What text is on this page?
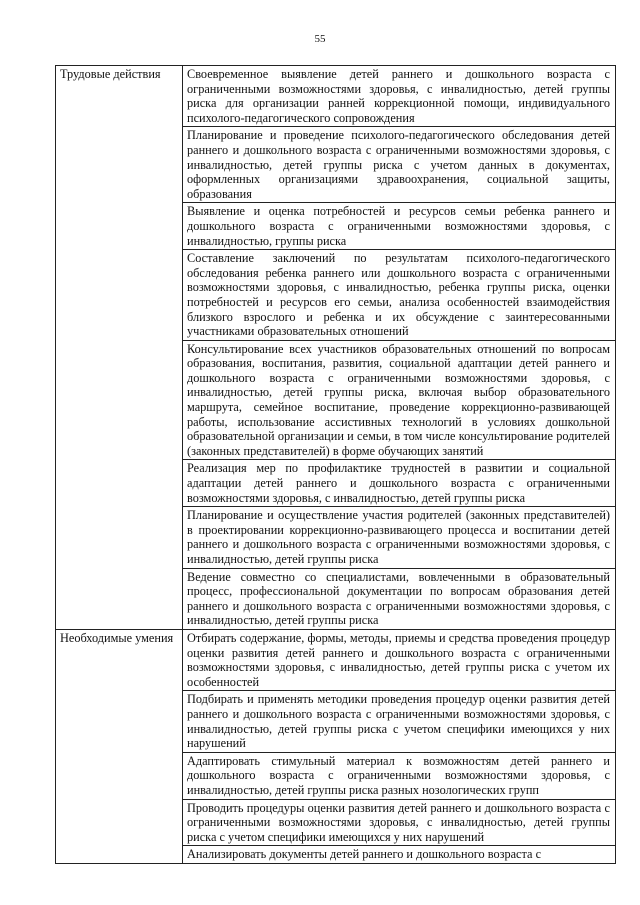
55
Трудовые действия	Своевременное выявление детей раннего и дошкольного возраста с ограниченными возможностями здоровья, с инвалидностью, детей группы риска для организации ранней коррекционной помощи, индивидуального психолого-педагогического сопровождения
	Планирование и проведение психолого-педагогического обследования детей раннего и дошкольного возраста с ограниченными возможностями здоровья, с инвалидностью, детей группы риска с учетом данных в документах, оформленных организациями здравоохранения, социальной защиты, образования
	Выявление и оценка потребностей и ресурсов семьи ребенка раннего и дошкольного возраста с ограниченными возможностями здоровья, с инвалидностью, группы риска
	Составление заключений по результатам психолого-педагогического обследования ребенка раннего или дошкольного возраста с ограниченными возможностями здоровья, с инвалидностью, ребенка группы риска, оценки потребностей и ресурсов его семьи, анализа особенностей взаимодействия близкого взрослого и ребенка и их обсуждение с заинтересованными участниками образовательных отношений
	Консультирование всех участников образовательных отношений по вопросам образования, воспитания, развития, социальной адаптации детей раннего и дошкольного возраста с ограниченными возможностями здоровья, с инвалидностью, детей группы риска, включая выбор образовательного маршрута, семейное воспитание, проведение коррекционно-развивающей работы, использование ассистивных технологий в условиях дошкольной образовательной организации и семьи, в том числе консультирование родителей (законных представителей) в форме обучающих занятий
	Реализация мер по профилактике трудностей в развитии и социальной адаптации детей раннего и дошкольного возраста с ограниченными возможностями здоровья, с инвалидностью, детей группы риска
	Планирование и осуществление участия родителей (законных представителей) в проектировании коррекционно-развивающего процесса и воспитании детей раннего и дошкольного возраста с ограниченными возможностями здоровья, с инвалидностью, детей группы риска
	Ведение совместно со специалистами, вовлеченными в образовательный процесс, профессиональной документации по вопросам образования детей раннего и дошкольного возраста с ограниченными возможностями здоровья, с инвалидностью, детей группы риска
Необходимые умения	Отбирать содержание, формы, методы, приемы и средства проведения процедур оценки развития детей раннего и дошкольного возраста с ограниченными возможностями здоровья, с инвалидностью, детей группы риска с учетом их особенностей
	Подбирать и применять методики проведения процедур оценки развития детей раннего и дошкольного возраста с ограниченными возможностями здоровья, с инвалидностью, детей группы риска с учетом специфики имеющихся у них нарушений
	Адаптировать стимульный материал к возможностям детей раннего и дошкольного возраста с ограниченными возможностями здоровья, с инвалидностью, детей группы риска разных нозологических групп
	Проводить процедуры оценки развития детей раннего и дошкольного возраста с ограниченными возможностями здоровья, с инвалидностью, детей группы риска с учетом специфики имеющихся у них нарушений
	Анализировать документы детей раннего и дошкольного возраста с
